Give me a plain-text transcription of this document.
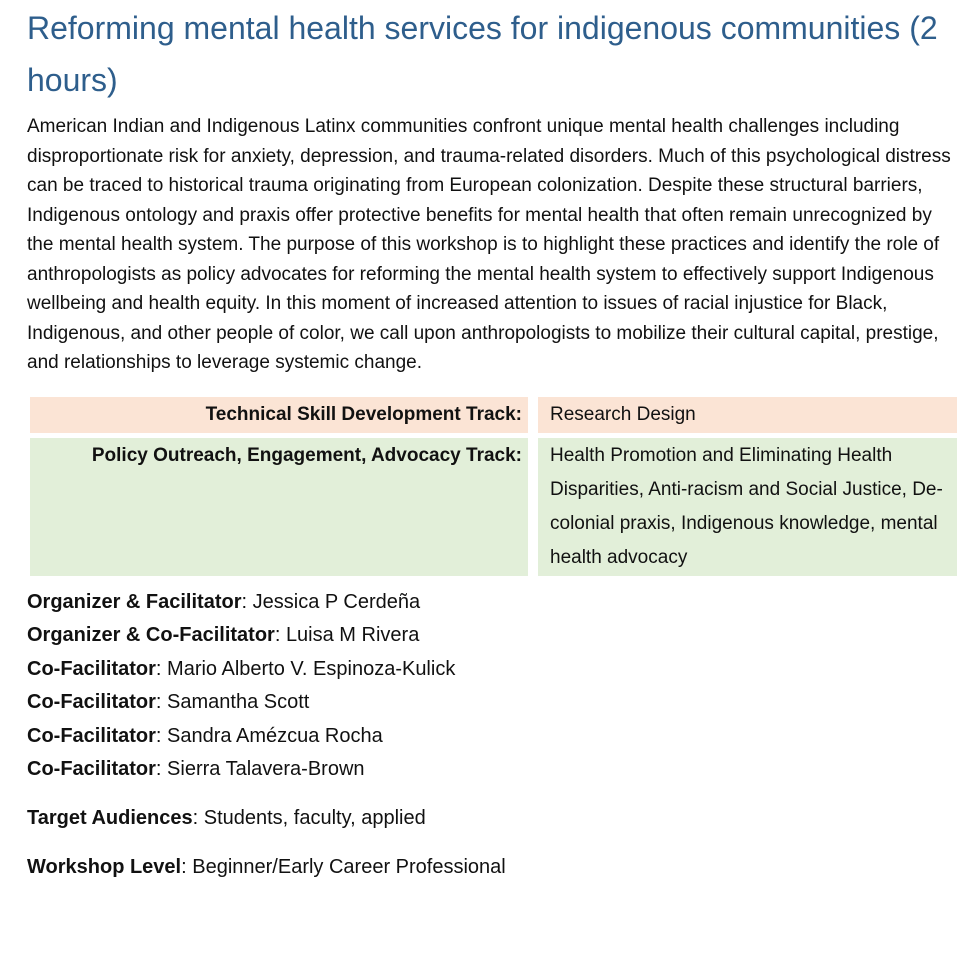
Reforming mental health services for indigenous communities (2 hours)

American Indian and Indigenous Latinx communities confront unique mental health challenges including disproportionate risk for anxiety, depression, and trauma-related disorders. Much of this psychological distress can be traced to historical trauma originating from European colonization. Despite these structural barriers, Indigenous ontology and praxis offer protective benefits for mental health that often remain unrecognized by the mental health system. The purpose of this workshop is to highlight these practices and identify the role of anthropologists as policy advocates for reforming the mental health system to effectively support Indigenous wellbeing and health equity. In this moment of increased attention to issues of racial injustice for Black, Indigenous, and other people of color, we call upon anthropologists to mobilize their cultural capital, prestige, and relationships to leverage systemic change.

Technical Skill Development Track:	Research Design
Policy Outreach, Engagement, Advocacy Track:	Health Promotion and Eliminating Health Disparities, Anti-racism and Social Justice, De-colonial praxis, Indigenous knowledge, mental health advocacy

Organizer & Facilitator: Jessica P Cerdeña

Organizer & Co-Facilitator: Luisa M Rivera

Co-Facilitator: Mario Alberto V. Espinoza-Kulick

Co-Facilitator: Samantha Scott

Co-Facilitator: Sandra Amézcua Rocha

Co-Facilitator: Sierra Talavera-Brown

Target Audiences: Students, faculty, applied

Workshop Level: Beginner/Early Career Professional
